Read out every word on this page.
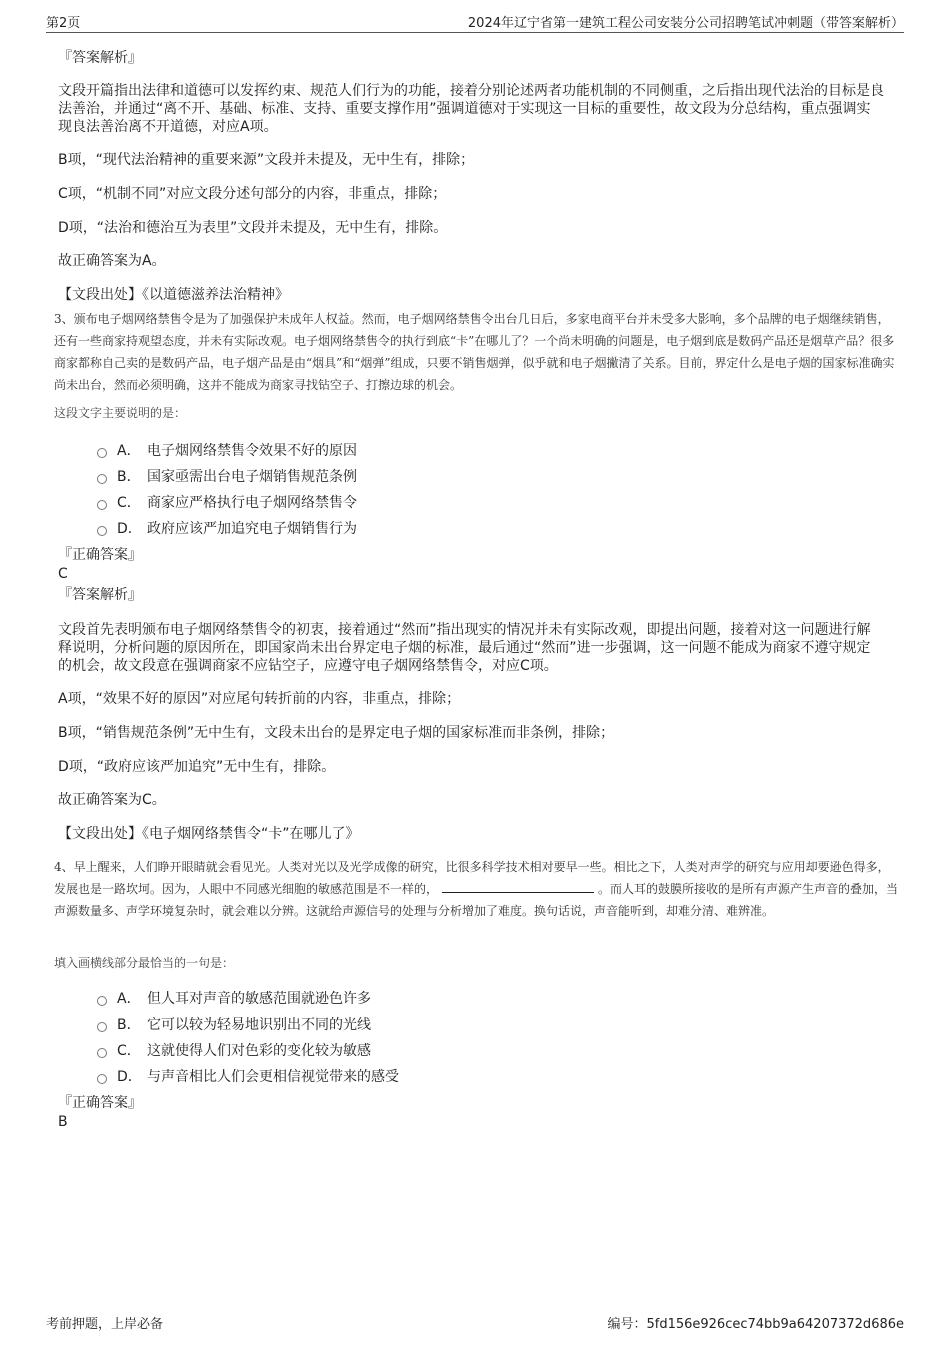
第2页	2024年辽宁省第一建筑工程公司安装分公司招聘笔试冲刺题（带答案解析）
『答案解析』
文段开篇指出法律和道德可以发挥约束、规范人们行为的功能，接着分别论述两者功能机制的不同侧重，之后指出现代法治的目标是良法善治，并通过“离不开、基础、标准、支持、重要支撑作用”强调道德对于实现这一目标的重要性，故文段为分总结构，重点强调实现良法善治离不开道德，对应A项。
B项，“现代法治精神的重要来源”文段并未提及，无中生有，排除；
C项，“机制不同”对应文段分述句部分的内容，非重点，排除；
D项，“法治和德治互为表里”文段并未提及，无中生有，排除。
故正确答案为A。
【文段出处】《以道德滋养法治精神》
3、颁布电子烟网络禁售令是为了加强保护未成年人权益。然而，电子烟网络禁售令出台几日后，多家电商平台并未受多大影响，多个品牌的电子烟继续销售，还有一些商家持观望态度，并未有实际改观。电子烟网络禁售令的执行到底“卡”在哪儿了？一个尚未明确的问题是，电子烟到底是数码产品还是烟草产品？很多商家都称自己卖的是数码产品，电子烟产品是由“烟具”和“烟弹”组成，只要不销售烟弹，似乎就和电子烟撇清了关系。目前，界定什么是电子烟的国家标准确实尚未出台，然而必须明确，这并不能成为商家寻找钻空子、打擦边球的机会。
这段文字主要说明的是：
A． 电子烟网络禁售令效果不好的原因
B． 国家亟需出台电子烟销售规范条例
C． 商家应严格执行电子烟网络禁售令
D． 政府应该严加追究电子烟销售行为
『正确答案』
C
『答案解析』
文段首先表明颁布电子烟网络禁售令的初衷，接着通过“然而”指出现实的情况并未有实际改观，即提出问题，接着对这一问题进行解释说明，分析问题的原因所在，即国家尚未出台界定电子烟的标准，最后通过“然而”进一步强调，这一问题不能成为商家不遵守规定的机会，故文段意在强调商家不应钻空子，应遵守电子烟网络禁售令，对应C项。
A项，“效果不好的原因”对应尾句转折前的内容，非重点，排除；
B项，“销售规范条例”无中生有，文段未出台的是界定电子烟的国家标准而非条例，排除；
D项，“政府应该严加追究”无中生有，排除。
故正确答案为C。
【文段出处】《电子烟网络禁售令“卡”在哪儿了》
4、早上醒来，人们睁开眼睛就会看见光。人类对光以及光学成像的研究，比很多科学技术相对要早一些。相比之下，人类对声学的研究与应用却要逊色得多，发展也是一路坎坷。因为，人眼中不同感光细胞的敏感范围是不一样的，	。而人耳的鼓膜所接收的是所有声源产生声音的叠加，当声源数量多、声学环境复杂时，就会难以分辨。这就给声源信号的处理与分析增加了难度。换句话说，声音能听到，却难分清、难辨准。
填入画横线部分最恰当的一句是：
A． 但人耳对声音的敏感范围就逊色许多
B． 它可以较为轻易地识别出不同的光线
C． 这就使得人们对色彩的变化较为敏感
D． 与声音相比人们会更相信视觉带来的感受
『正确答案』
B
考前押题，上岸必备	编号：5fd156e926cec74bb9a64207372d686e
